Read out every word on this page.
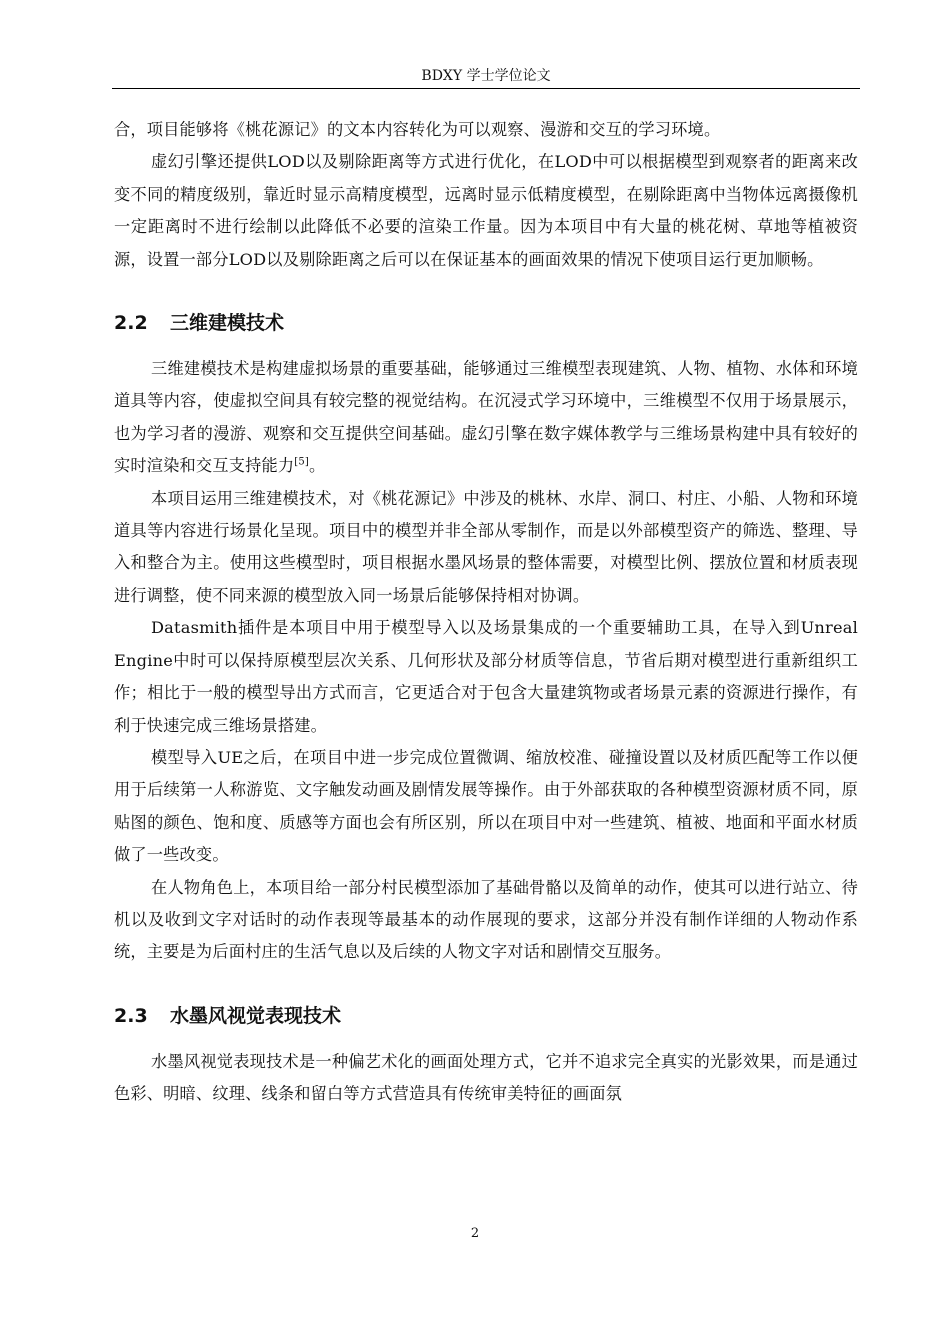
BDXY 学士学位论文

合，项目能够将《桃花源记》的文本内容转化为可以观察、漫游和交互的学习环境。

虚幻引擎还提供LOD以及剔除距离等方式进行优化，在LOD中可以根据模型到观察者的距离来改变不同的精度级别，靠近时显示高精度模型，远离时显示低精度模型，在剔除距离中当物体远离摄像机一定距离时不进行绘制以此降低不必要的渲染工作量。因为本项目中有大量的桃花树、草地等植被资源，设置一部分LOD以及剔除距离之后可以在保证基本的画面效果的情况下使项目运行更加顺畅。

2.2 三维建模技术

三维建模技术是构建虚拟场景的重要基础，能够通过三维模型表现建筑、人物、植物、水体和环境道具等内容，使虚拟空间具有较完整的视觉结构。在沉浸式学习环境中，三维模型不仅用于场景展示，也为学习者的漫游、观察和交互提供空间基础。虚幻引擎在数字媒体教学与三维场景构建中具有较好的实时渲染和交互支持能力[5]。

本项目运用三维建模技术，对《桃花源记》中涉及的桃林、水岸、洞口、村庄、小船、人物和环境道具等内容进行场景化呈现。项目中的模型并非全部从零制作，而是以外部模型资产的筛选、整理、导入和整合为主。使用这些模型时，项目根据水墨风场景的整体需要，对模型比例、摆放位置和材质表现进行调整，使不同来源的模型放入同一场景后能够保持相对协调。

Datasmith插件是本项目中用于模型导入以及场景集成的一个重要辅助工具，在导入到Unreal Engine中时可以保持原模型层次关系、几何形状及部分材质等信息，节省后期对模型进行重新组织工作；相比于一般的模型导出方式而言，它更适合对于包含大量建筑物或者场景元素的资源进行操作，有利于快速完成三维场景搭建。

模型导入UE之后，在项目中进一步完成位置微调、缩放校准、碰撞设置以及材质匹配等工作以便用于后续第一人称游览、文字触发动画及剧情发展等操作。由于外部获取的各种模型资源材质不同，原贴图的颜色、饱和度、质感等方面也会有所区别，所以在项目中对一些建筑、植被、地面和平面水材质做了一些改变。

在人物角色上，本项目给一部分村民模型添加了基础骨骼以及简单的动作，使其可以进行站立、待机以及收到文字对话时的动作表现等最基本的动作展现的要求，这部分并没有制作详细的人物动作系统，主要是为后面村庄的生活气息以及后续的人物文字对话和剧情交互服务。

2.3 水墨风视觉表现技术

水墨风视觉表现技术是一种偏艺术化的画面处理方式，它并不追求完全真实的光影效果，而是通过色彩、明暗、纹理、线条和留白等方式营造具有传统审美特征的画面氛

2
